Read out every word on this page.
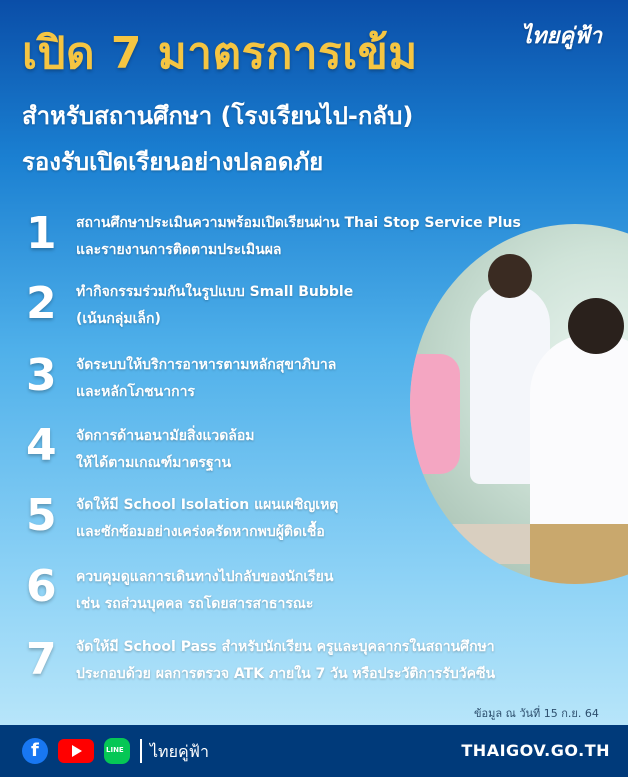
ไทยคู่ฟ้า
เปิด 7 มาตรการเข้ม
สำหรับสถานศึกษา (โรงเรียนไป-กลับ)
รองรับเปิดเรียนอย่างปลอดภัย
1 สถานศึกษาประเมินความพร้อมเปิดเรียนผ่าน Thai Stop Service Plus
และรายงานการติดตามประเมินผล
2 ทำกิจกรรมร่วมกันในรูปแบบ Small Bubble
(เน้นกลุ่มเล็ก)
3 จัดระบบให้บริการอาหารตามหลักสุขาภิบาล
และหลักโภชนาการ
4 จัดการด้านอนามัยสิ่งแวดล้อม
ให้ได้ตามเกณฑ์มาตรฐาน
5 จัดให้มี School Isolation แผนเผชิญเหตุ
และซักซ้อมอย่างเคร่งครัดหากพบผู้ติดเชื้อ
6 ควบคุมดูแลการเดินทางไปกลับของนักเรียน
เช่น รถส่วนบุคคล รถโดยสารสาธารณะ
7 จัดให้มี School Pass สำหรับนักเรียน ครูและบุคลากรในสถานศึกษา
ประกอบด้วย ผลการตรวจ ATK ภายใน 7 วัน หรือประวัติการรับวัคซีน
ข้อมูล ณ วันที่ 15 ก.ย. 64
f
LINE
ไทยคู่ฟ้า	THAIGOV.GO.TH
